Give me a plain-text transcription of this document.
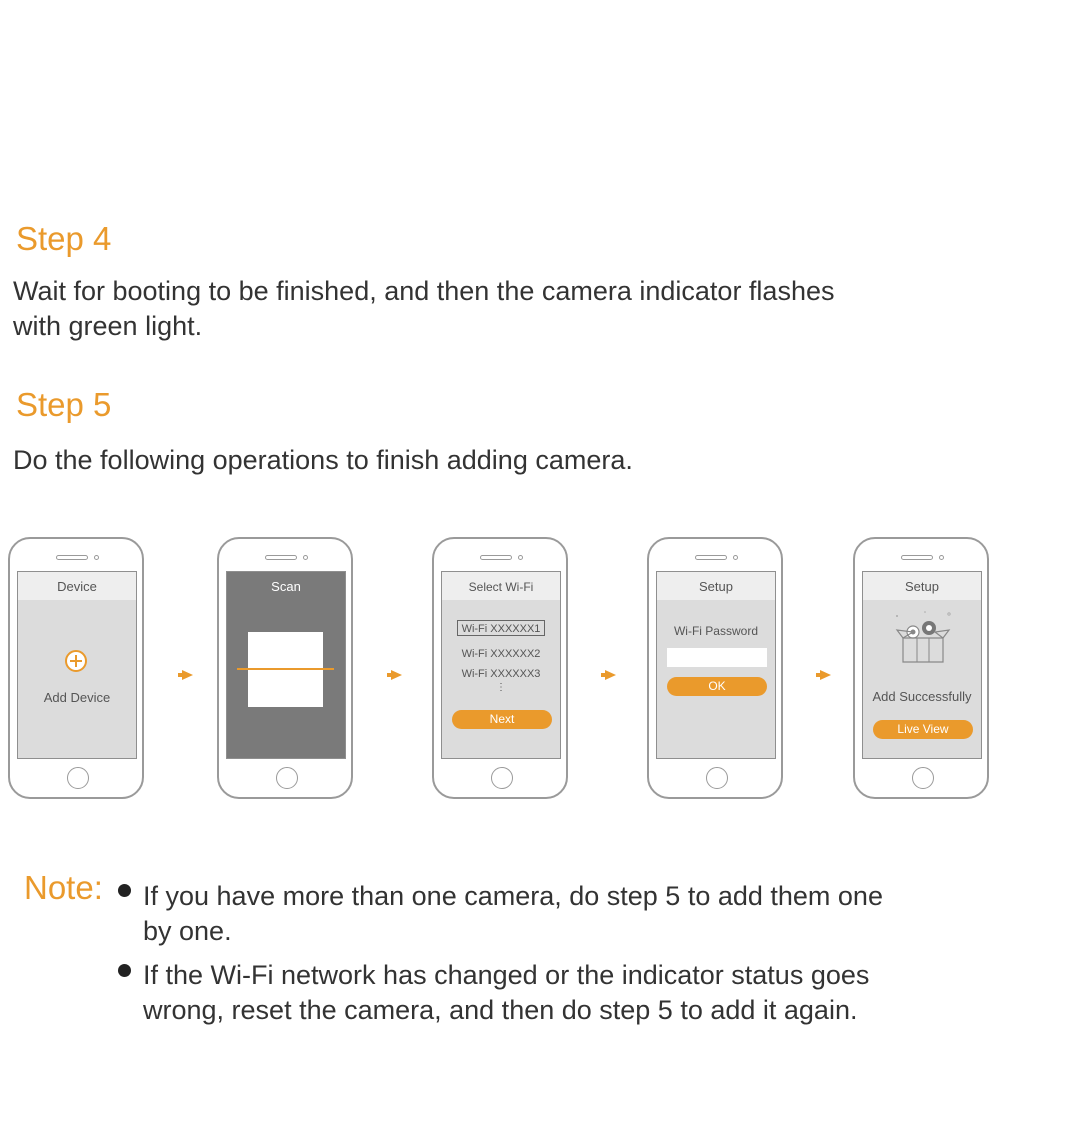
Step 4

Wait for booting to be finished, and then the camera indicator flashes
with green light.

Step 5

Do the following operations to finish adding camera.

Device
Add Device
Scan	Select Wi-Fi
Wi-Fi XXXXXX1
Wi-Fi XXXXXX2
Wi-Fi XXXXXX3
⋮
Next
Setup
Wi-Fi Password
OK
Setup
Add Successfully
Live View
Note: If you have more than one camera, do step 5 to add them one
by one.
If the Wi-Fi network has changed or the indicator status goes
wrong, reset the camera, and then do step 5 to add it again.
